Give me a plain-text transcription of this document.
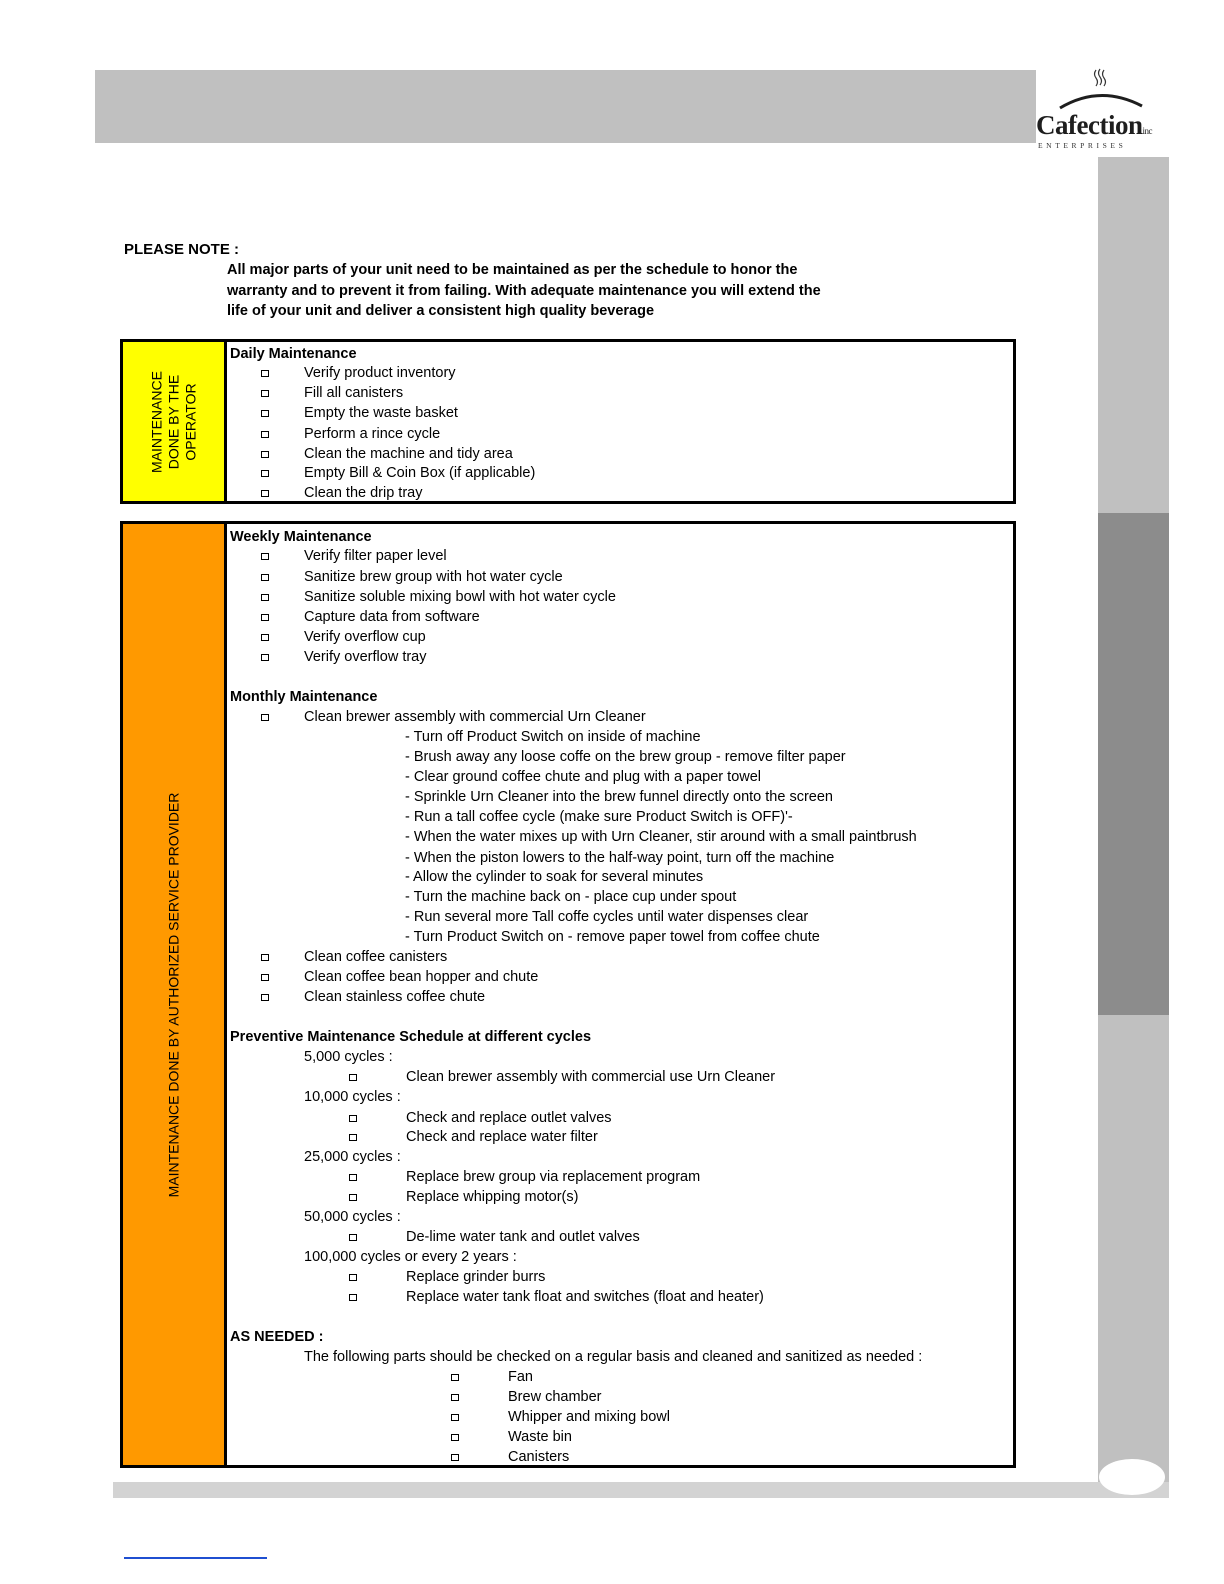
Cafectioninc
ENTERPRISES
PLEASE NOTE :
All major parts of your unit need to be maintained as per the schedule to honor the
warranty and to prevent it from failing. With adequate maintenance you will extend the
life of your unit and deliver a consistent high quality beverage
MAINTENANCE DONE BY THE OPERATOR
Daily Maintenance
Verify product inventory
Fill all canisters
Empty the waste basket
Perform a rince cycle
Clean the machine and tidy area
Empty Bill & Coin Box (if applicable)
Clean the drip tray
MAINTENANCE DONE BY AUTHORIZED SERVICE PROVIDER
Weekly Maintenance
Verify filter paper level
Sanitize brew group with hot water cycle
Sanitize soluble mixing bowl with hot water cycle
Capture data from software
Verify overflow cup
Verify overflow tray
Monthly Maintenance
Clean brewer assembly with commercial Urn Cleaner
- Turn off Product Switch on inside of machine
- Brush away any loose coffe on the brew group - remove filter paper
- Clear ground coffee chute and plug with a paper towel
- Sprinkle Urn Cleaner into the brew funnel directly onto the screen
- Run a tall coffee cycle (make sure Product Switch is OFF)'-
- When the water mixes up with Urn Cleaner, stir around with a small paintbrush
- When the piston lowers to the half-way point, turn off the machine
- Allow the cylinder to soak for several minutes
- Turn the machine back on - place cup under spout
- Run several more Tall coffe cycles until water dispenses clear
- Turn Product Switch on - remove paper towel from coffee chute
Clean coffee canisters
Clean coffee bean hopper and chute
Clean stainless coffee chute
Preventive Maintenance Schedule at different cycles
5,000 cycles :
Clean brewer assembly with commercial use Urn Cleaner
10,000 cycles :
Check and replace outlet valves
Check and replace water filter
25,000 cycles :
Replace brew group via replacement program
Replace whipping motor(s)
50,000 cycles :
De-lime water tank and outlet valves
100,000 cycles or every 2 years :
Replace grinder burrs
Replace water tank float and switches (float and heater)
AS NEEDED :
The following parts should be checked on a regular basis and cleaned and sanitized as needed :
Fan
Brew chamber
Whipper and mixing bowl
Waste bin
Canisters
